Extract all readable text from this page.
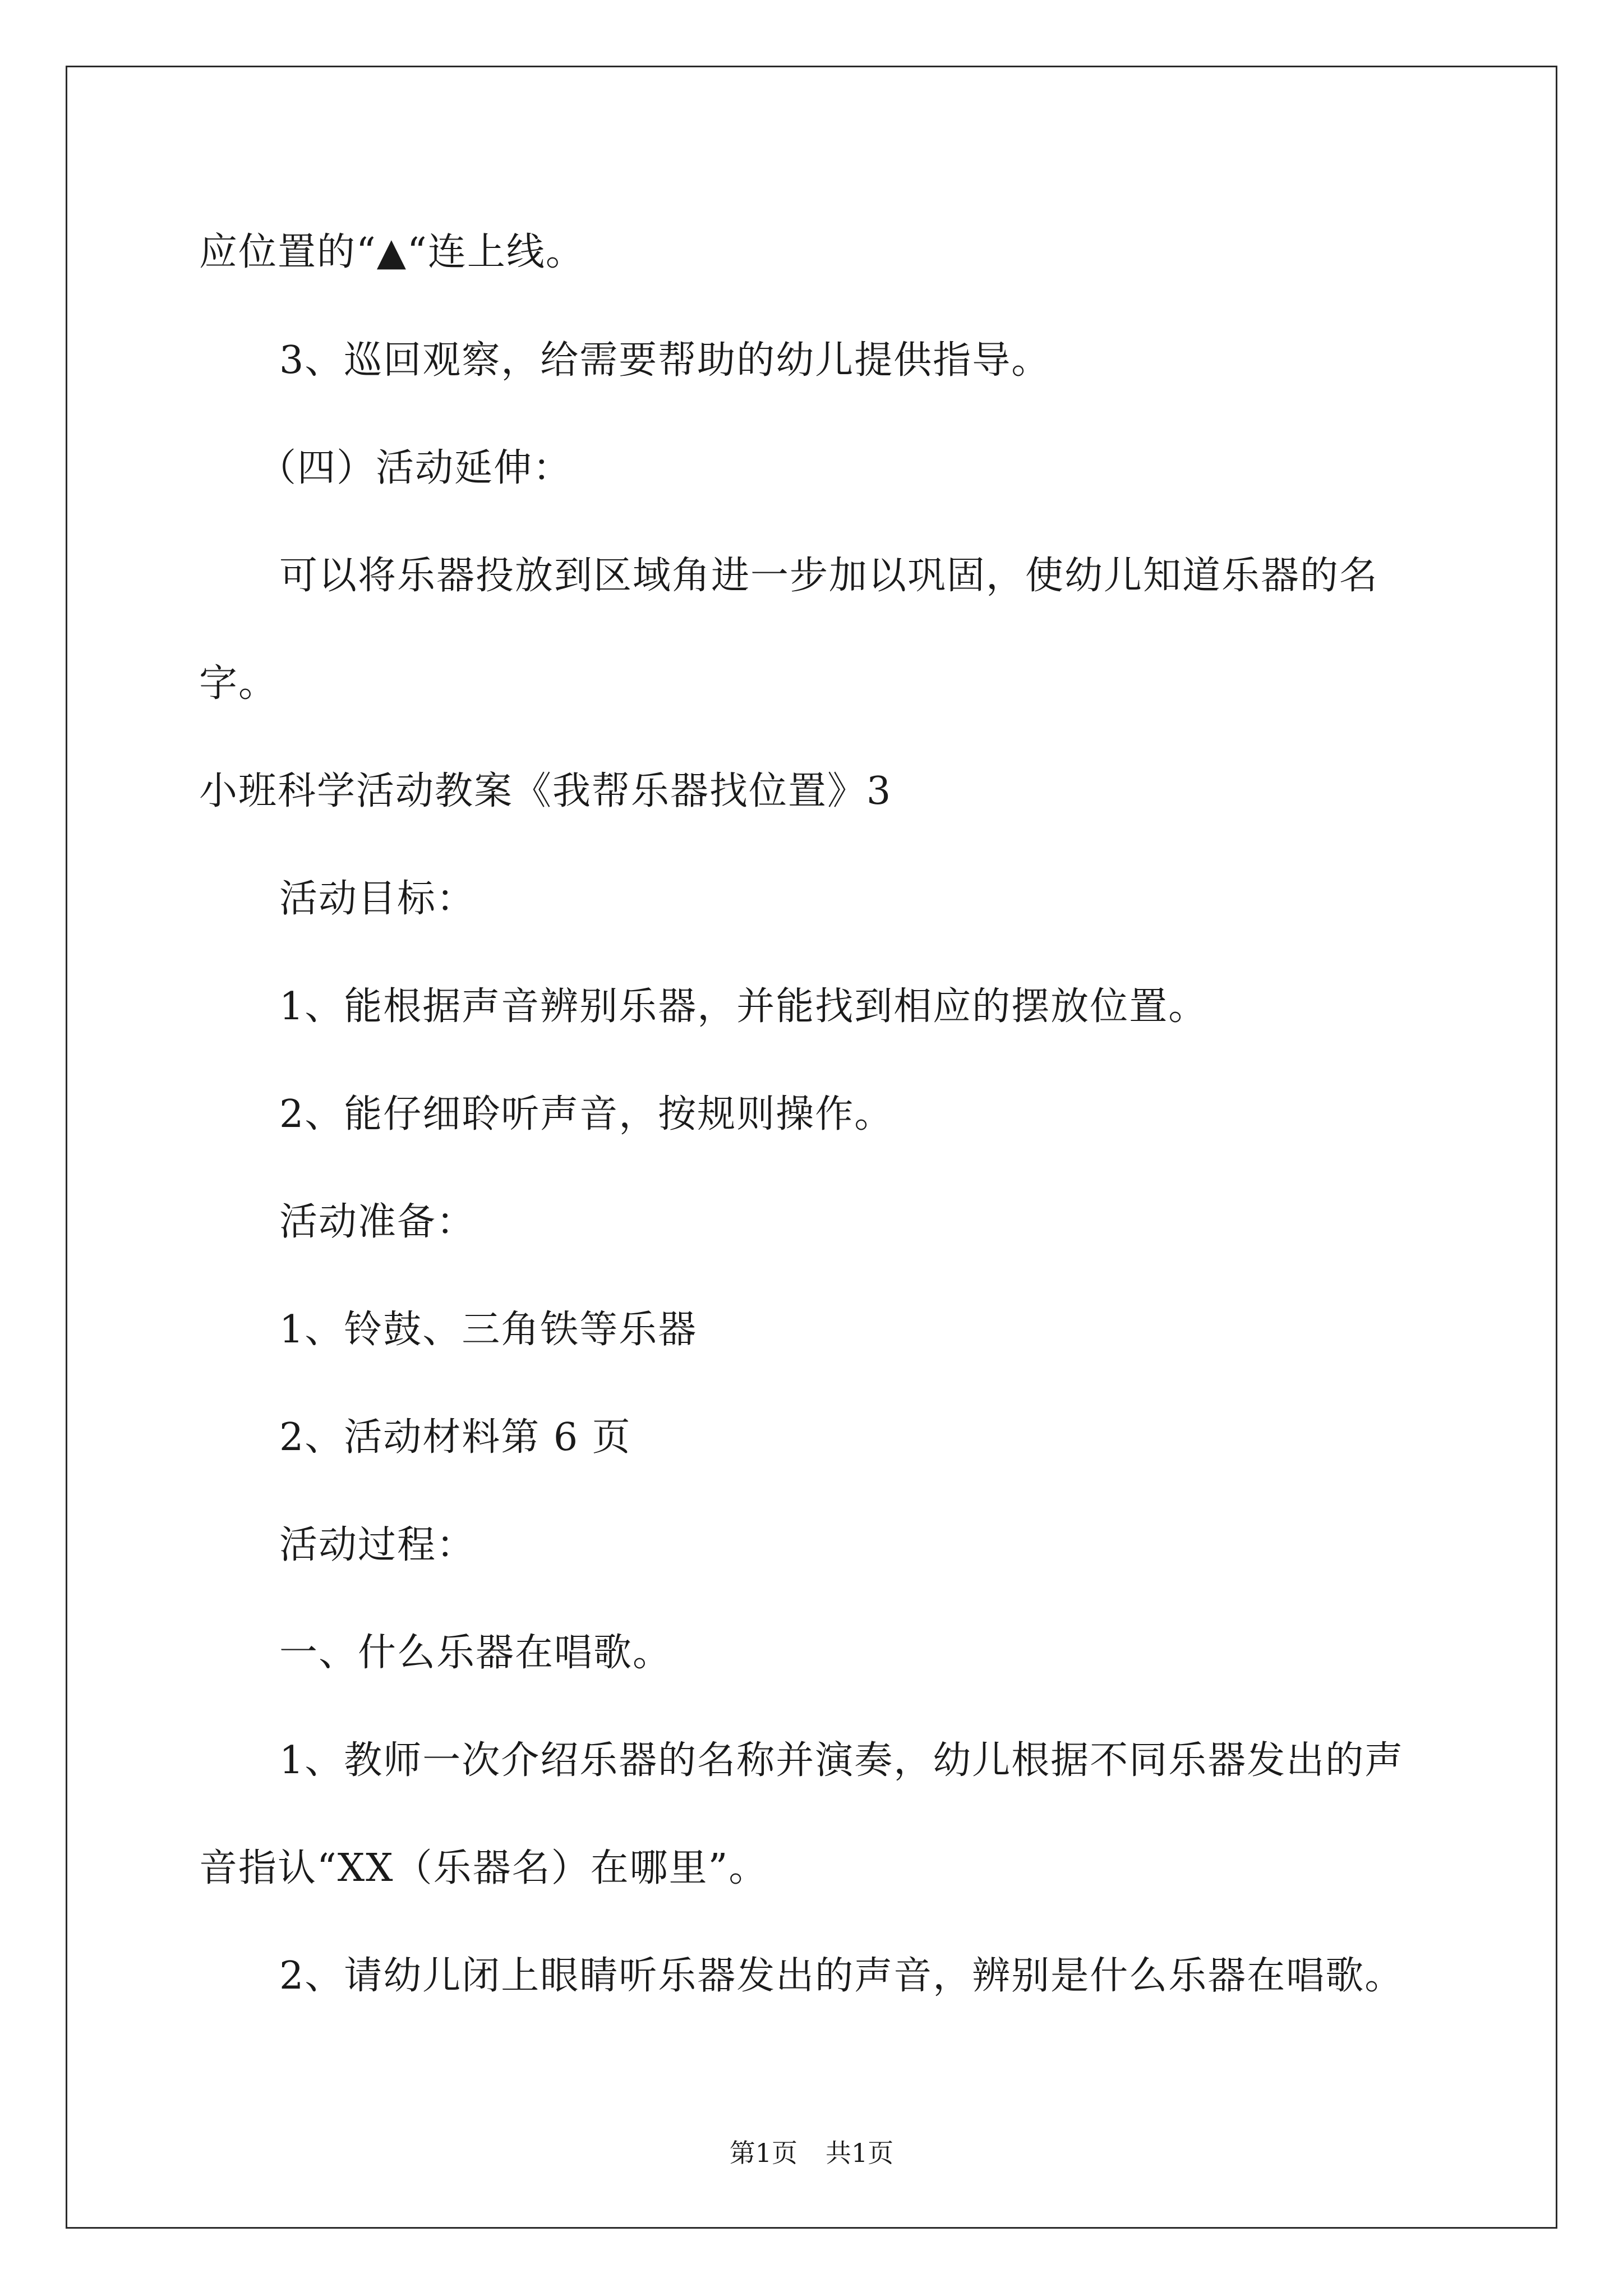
应位置的“▲“连上线。
3、巡回观察，给需要帮助的幼儿提供指导。
（四）活动延伸：
可以将乐器投放到区域角进一步加以巩固，使幼儿知道乐器的名
字。
小班科学活动教案《我帮乐器找位置》3
活动目标：
1、能根据声音辨别乐器，并能找到相应的摆放位置。
2、能仔细聆听声音，按规则操作。
活动准备：
1、铃鼓、三角铁等乐器
2、活动材料第 6 页
活动过程：
一、什么乐器在唱歌。
1、教师一次介绍乐器的名称并演奏，幼儿根据不同乐器发出的声
音指认“XX（乐器名）在哪里”。
2、请幼儿闭上眼睛听乐器发出的声音，辨别是什么乐器在唱歌。
第1页 共1页
